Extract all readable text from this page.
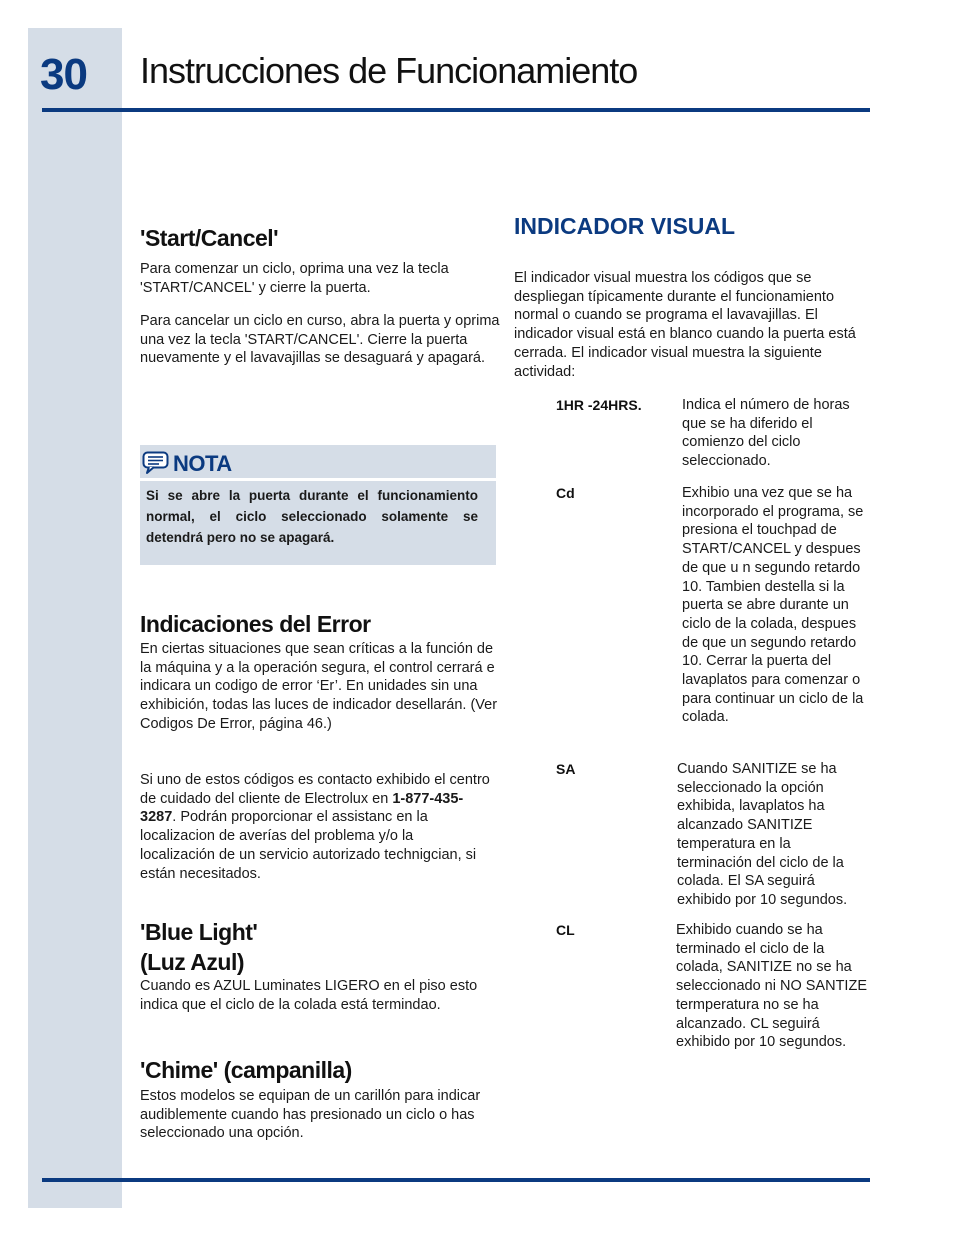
30 Instrucciones de Funcionamiento
'Start/Cancel'
Para comenzar un ciclo, oprima una vez la tecla 'START/CANCEL' y cierre la puerta.
Para cancelar un ciclo en curso, abra la puerta y oprima una vez la tecla 'START/CANCEL'. Cierre la puerta nuevamente y el lavavajillas se desaguará y apagará.
NOTA
Si se abre la puerta durante el funcionamiento normal, el ciclo seleccionado solamente se detendrá pero no se apagará.
Indicaciones del Error
En ciertas situaciones que sean críticas a la función de la máquina y a la operación segura, el control cerrará e indicara un codigo de error ‘Er’. En unidades sin una exhibición, todas las luces de indicador desellarán. (Ver Codigos De Error, página 46.)
Si uno de estos códigos es contacto exhibido el centro de cuidado del cliente de Electrolux en 1-877-435-3287. Podrán proporcionar el assistanc en la localizacion de averías del problema y/o la localización de un servicio autorizado technigcian, si están necesitados.
'Blue Light'
(Luz Azul)
Cuando es AZUL Luminates LIGERO en el piso esto indica que el ciclo de la colada está termindao.
'Chime' (campanilla)
Estos modelos se equipan de un carillón para indicar audiblemente cuando has presionado un ciclo o has seleccionado una opción.
INDICADOR VISUAL
El indicador visual muestra los códigos que se despliegan típicamente durante el funcionamiento normal o cuando se programa el lavavajillas. El indicador visual está en blanco cuando la puerta está cerrada. El indicador visual muestra la siguiente actividad:
1HR -24HRS.	Indica el número de horas que se ha diferido el comienzo del ciclo seleccionado.
Cd	Exhibio una vez que se ha incorporado el programa, se presiona el touchpad de START/CANCEL y despues de que u n segundo retardo 10. Tambien destella si la puerta se abre durante un ciclo de la colada, despues de que un segundo retardo 10. Cerrar la puerta del lavaplatos para comenzar o para continuar un ciclo de la colada.
SA	Cuando SANITIZE se ha seleccionado la opción exhibida, lavaplatos ha alcanzado SANITIZE temperatura en la terminación del ciclo de la colada. El SA seguirá exhibido por 10 segundos.
CL	Exhibido cuando se ha terminado el ciclo de la colada, SANITIZE no se ha seleccionado ni NO SANTIZE termperatura no se ha alcanzado. CL seguirá exhibido por 10 segundos.
